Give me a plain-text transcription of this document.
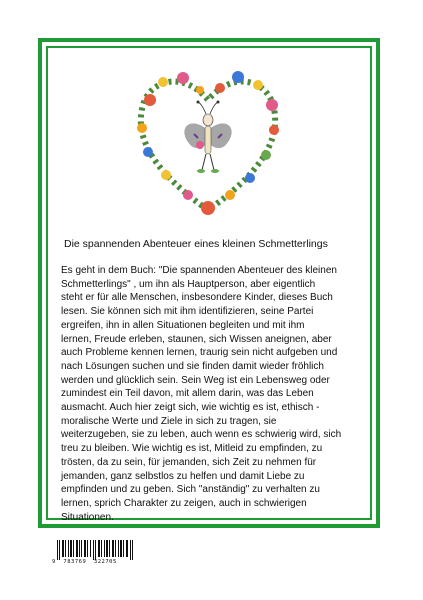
Die spannenden Abenteuer eines kleinen Schmetterlings
Es geht in dem Buch: "Die spannenden Abenteuer des kleinen
Schmetterlings" , um ihn als Hauptperson, aber eigentlich
steht er für alle Menschen, insbesondere Kinder, dieses Buch
lesen. Sie können sich mit ihm identifizieren, seine Partei
ergreifen, ihn in allen Situationen begleiten und mit ihm
lernen, Freude erleben, staunen, sich Wissen aneignen, aber
auch Probleme kennen lernen, traurig sein nicht aufgeben und
nach Lösungen suchen und sie finden damit wieder fröhlich
werden und glücklich sein. Sein Weg ist ein Lebensweg oder
zumindest ein Teil davon, mit allem darin, was das Leben
ausmacht. Auch hier zeigt sich, wie wichtig es ist, ethisch -
moralische Werte und Ziele in sich zu tragen, sie
weiterzugeben, sie zu leben, auch wenn es schwierig wird, sich
treu zu bleiben. Wie wichtig es ist, Mitleid zu empfinden, zu
trösten, da zu sein, für jemanden, sich Zeit zu nehmen für
jemanden, ganz selbstlos zu helfen und damit Liebe zu
empfinden und zu geben. Sich "anständig" zu verhalten zu
lernen, sprich Charakter zu zeigen, auch in schwierigen
Situationen.
9  783769  322705
